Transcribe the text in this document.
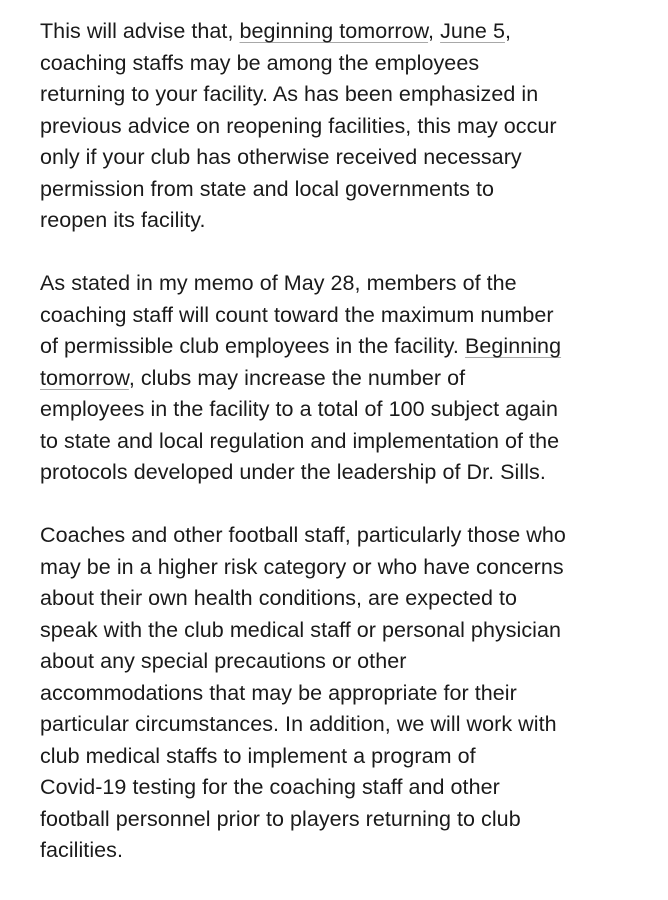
This will advise that, beginning tomorrow, June 5,
coaching staffs may be among the employees
returning to your facility. As has been emphasized in
previous advice on reopening facilities, this may occur
only if your club has otherwise received necessary
permission from state and local governments to
reopen its facility.
As stated in my memo of May 28, members of the
coaching staff will count toward the maximum number
of permissible club employees in the facility. Beginning
tomorrow, clubs may increase the number of
employees in the facility to a total of 100 subject again
to state and local regulation and implementation of the
protocols developed under the leadership of Dr. Sills.
Coaches and other football staff, particularly those who
may be in a higher risk category or who have concerns
about their own health conditions, are expected to
speak with the club medical staff or personal physician
about any special precautions or other
accommodations that may be appropriate for their
particular circumstances. In addition, we will work with
club medical staffs to implement a program of
Covid-19 testing for the coaching staff and other
football personnel prior to players returning to club
facilities.
